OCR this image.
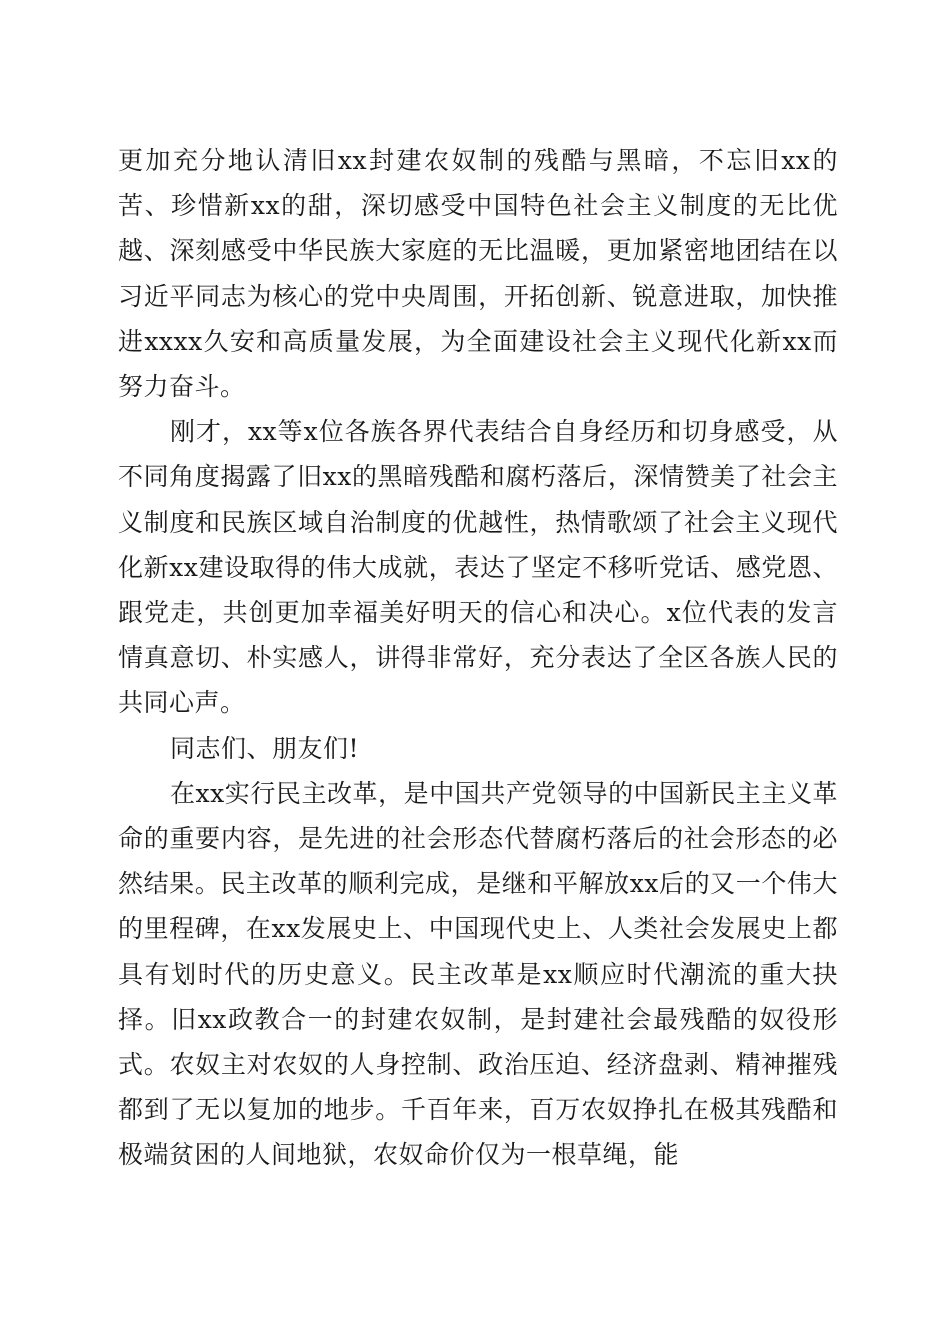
更加充分地认清旧xx封建农奴制的残酷与黑暗，不忘旧xx的苦、珍惜新xx的甜，深切感受中国特色社会主义制度的无比优越、深刻感受中华民族大家庭的无比温暖，更加紧密地团结在以习近平同志为核心的党中央周围，开拓创新、锐意进取，加快推进xxxx久安和高质量发展，为全面建设社会主义现代化新xx而努力奋斗。

刚才，xx等x位各族各界代表结合自身经历和切身感受，从不同角度揭露了旧xx的黑暗残酷和腐朽落后，深情赞美了社会主义制度和民族区域自治制度的优越性，热情歌颂了社会主义现代化新xx建设取得的伟大成就，表达了坚定不移听党话、感党恩、跟党走，共创更加幸福美好明天的信心和决心。x位代表的发言情真意切、朴实感人，讲得非常好，充分表达了全区各族人民的共同心声。

同志们、朋友们!

在xx实行民主改革，是中国共产党领导的中国新民主主义革命的重要内容，是先进的社会形态代替腐朽落后的社会形态的必然结果。民主改革的顺利完成，是继和平解放xx后的又一个伟大的里程碑，在xx发展史上、中国现代史上、人类社会发展史上都具有划时代的历史意义。民主改革是xx顺应时代潮流的重大抉择。旧xx政教合一的封建农奴制，是封建社会最残酷的奴役形式。农奴主对农奴的人身控制、政治压迫、经济盘剥、精神摧残都到了无以复加的地步。千百年来，百万农奴挣扎在极其残酷和极端贫困的人间地狱，农奴命价仅为一根草绳，能
